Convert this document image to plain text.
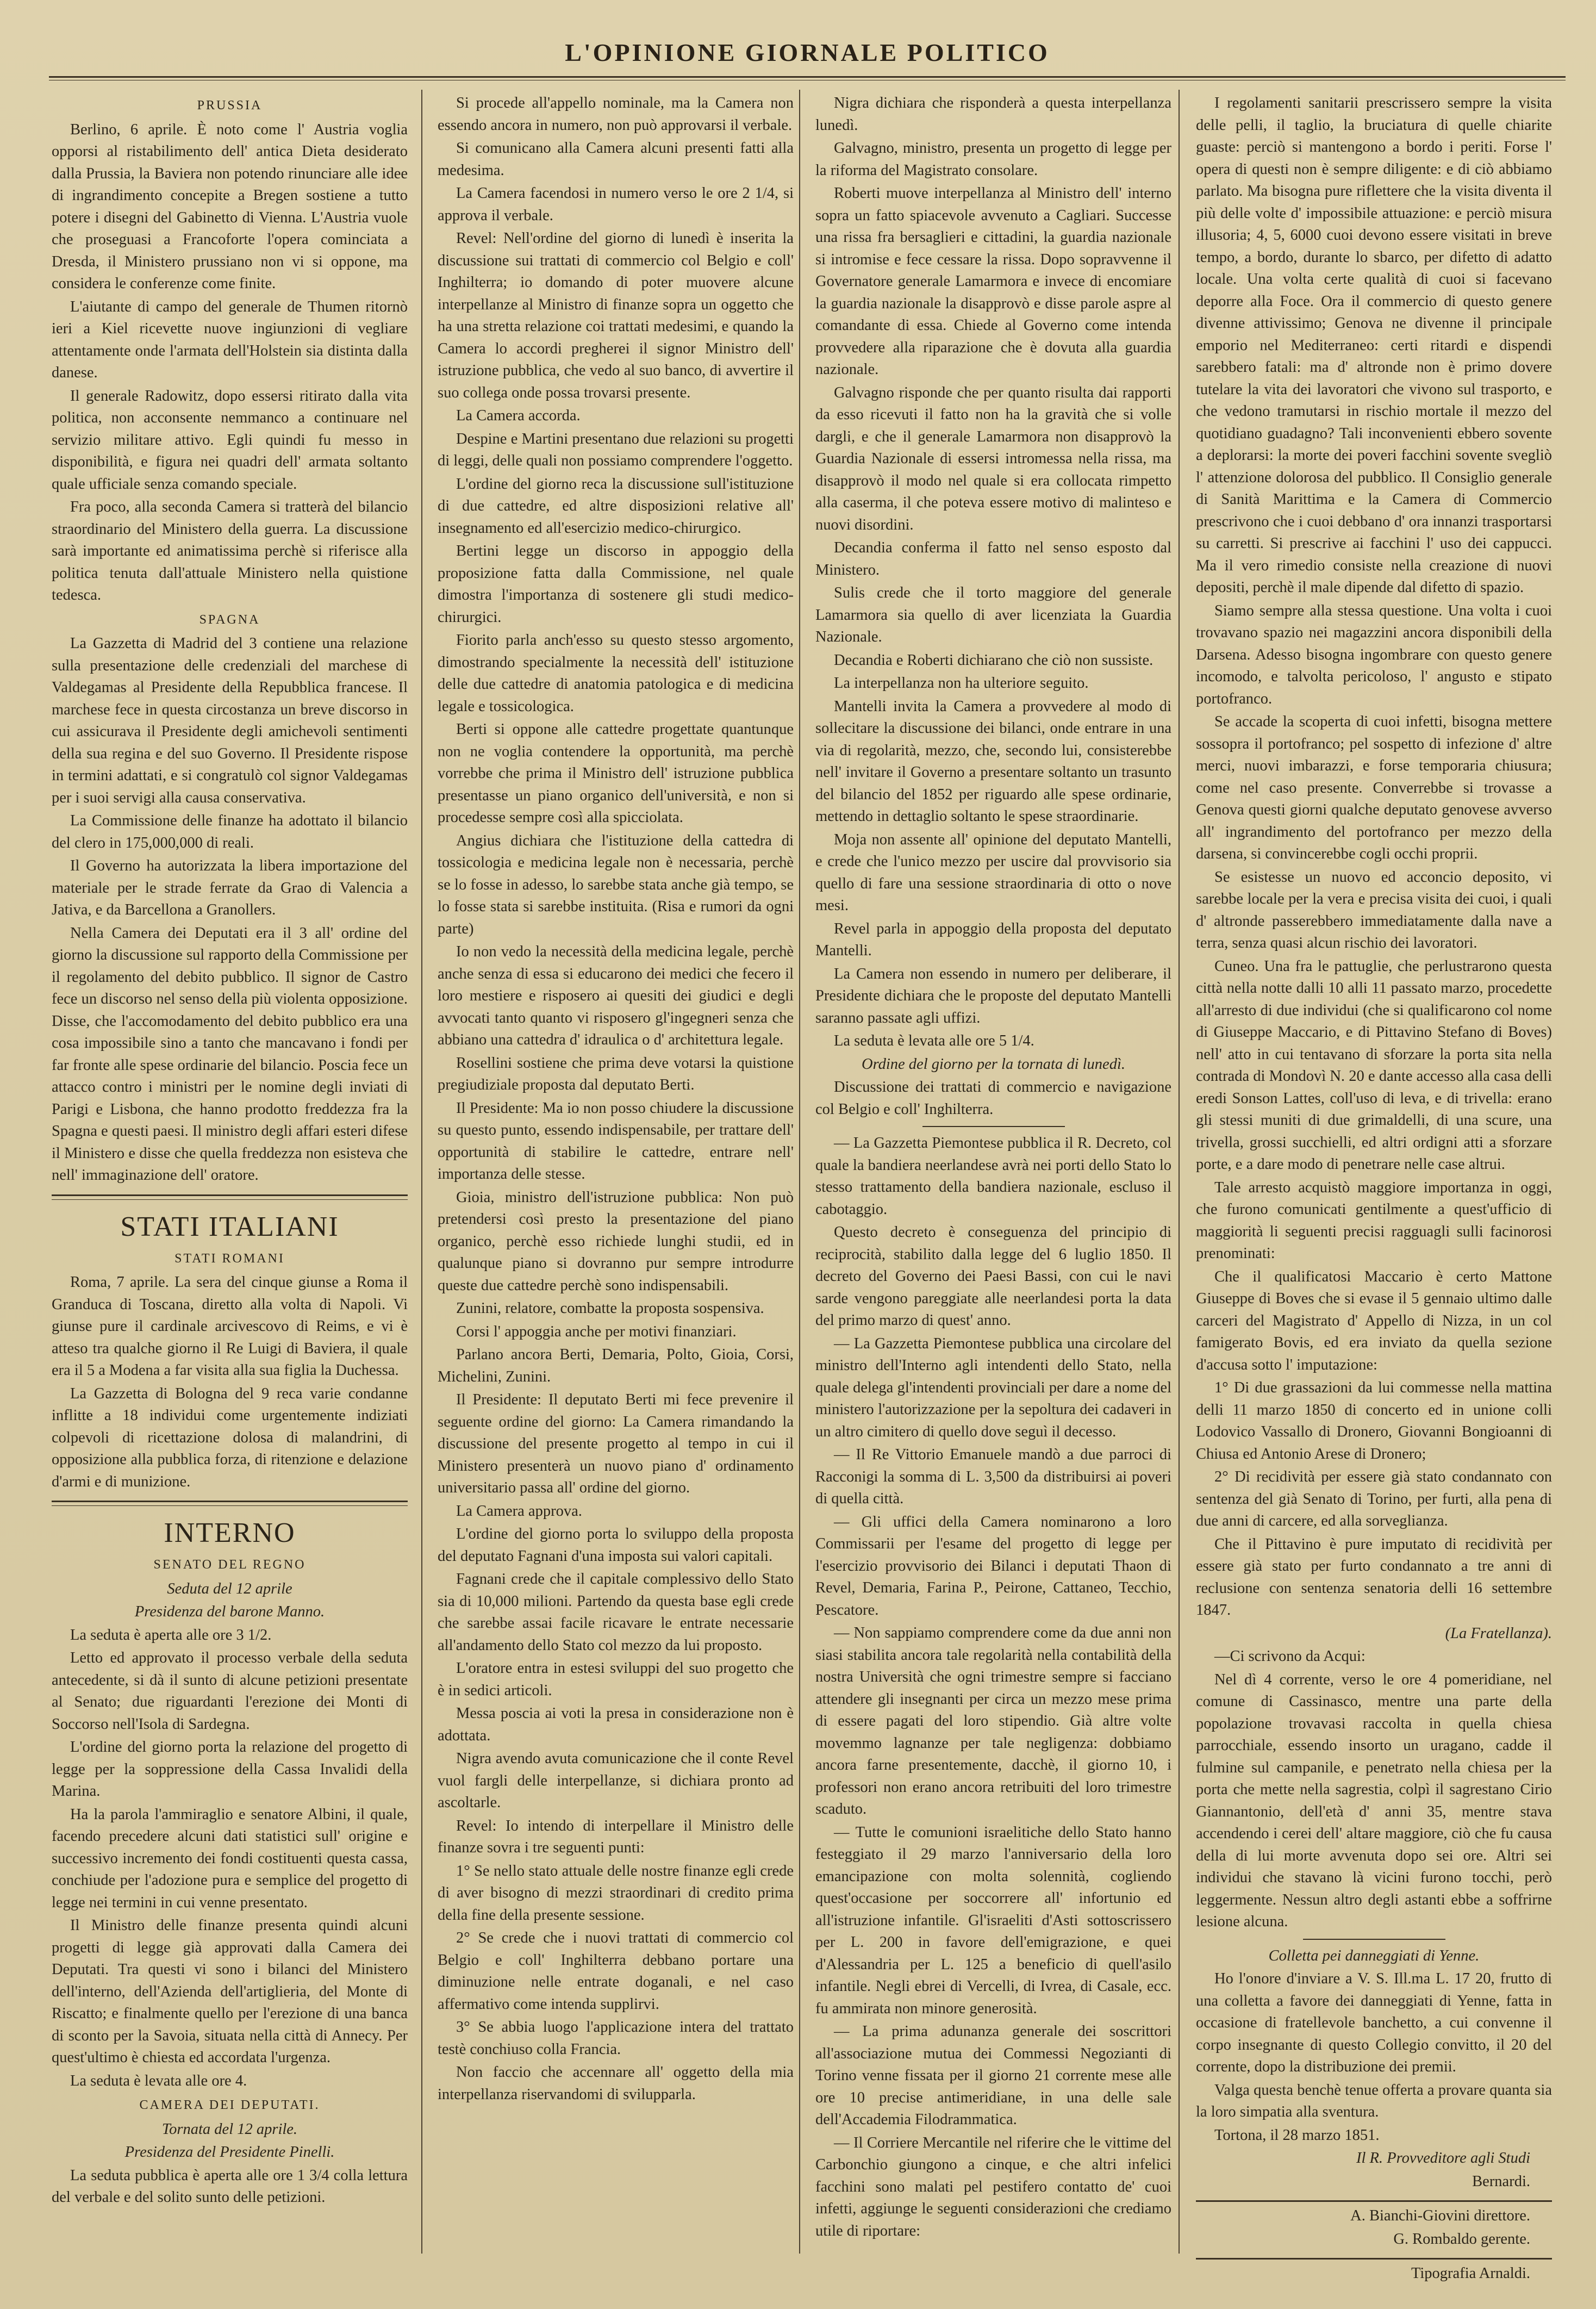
L'OPINIONE GIORNALE POLITICO

PRUSSIA

Berlino, 6 aprile. È noto come l' Austria voglia opporsi al ristabilimento dell' antica Dieta desiderato dalla Prussia, la Baviera non potendo rinunciare alle idee di ingrandimento concepite a Bregen sostiene a tutto potere i disegni del Gabinetto di Vienna. L'Austria vuole che proseguasi a Francoforte l'opera cominciata a Dresda, il Ministero prussiano non vi si oppone, ma considera le conferenze come finite.

L'aiutante di campo del generale de Thumen ritornò ieri a Kiel ricevette nuove ingiunzioni di vegliare attentamente onde l'armata dell'Holstein sia distinta dalla danese.

Il generale Radowitz, dopo essersi ritirato dalla vita politica, non acconsente nemmanco a continuare nel servizio militare attivo. Egli quindi fu messo in disponibilità, e figura nei quadri dell' armata soltanto quale ufficiale senza comando speciale.

Fra poco, alla seconda Camera si tratterà del bilancio straordinario del Ministero della guerra. La discussione sarà importante ed animatissima perchè si riferisce alla politica tenuta dall'attuale Ministero nella quistione tedesca.

SPAGNA

La Gazzetta di Madrid del 3 contiene una relazione sulla presentazione delle credenziali del marchese di Valdegamas al Presidente della Repubblica francese. Il marchese fece in questa circostanza un breve discorso in cui assicurava il Presidente degli amichevoli sentimenti della sua regina e del suo Governo. Il Presidente rispose in termini adattati, e si congratulò col signor Valdegamas per i suoi servigi alla causa conservativa.

La Commissione delle finanze ha adottato il bilancio del clero in 175,000,000 di reali.

Il Governo ha autorizzata la libera importazione del materiale per le strade ferrate da Grao di Valencia a Jativa, e da Barcellona a Granollers.

Nella Camera dei Deputati era il 3 all' ordine del giorno la discussione sul rapporto della Commissione per il regolamento del debito pubblico. Il signor de Castro fece un discorso nel senso della più violenta opposizione. Disse, che l'accomodamento del debito pubblico era una cosa impossibile sino a tanto che mancavano i fondi per far fronte alle spese ordinarie del bilancio. Poscia fece un attacco contro i ministri per le nomine degli inviati di Parigi e Lisbona, che hanno prodotto freddezza fra la Spagna e questi paesi. Il ministro degli affari esteri difese il Ministero e disse che quella freddezza non esisteva che nell' immaginazione dell' oratore.

STATI ITALIANI

STATI ROMANI

Roma, 7 aprile. La sera del cinque giunse a Roma il Granduca di Toscana, diretto alla volta di Napoli. Vi giunse pure il cardinale arcivescovo di Reims, e vi è atteso tra qualche giorno il Re Luigi di Baviera, il quale era il 5 a Modena a far visita alla sua figlia la Duchessa.

La Gazzetta di Bologna del 9 reca varie condanne inflitte a 18 individui come urgentemente indiziati colpevoli di ricettazione dolosa di malandrini, di opposizione alla pubblica forza, di ritenzione e delazione d'armi e di munizione.

INTERNO

SENATO DEL REGNO

Seduta del 12 aprile

Presidenza del barone Manno.

La seduta è aperta alle ore 3 1/2.

Letto ed approvato il processo verbale della seduta antecedente, si dà il sunto di alcune petizioni presentate al Senato; due riguardanti l'erezione dei Monti di Soccorso nell'Isola di Sardegna.

L'ordine del giorno porta la relazione del progetto di legge per la soppressione della Cassa Invalidi della Marina.

Ha la parola l'ammiraglio e senatore Albini, il quale, facendo precedere alcuni dati statistici sull' origine e successivo incremento dei fondi costituenti questa cassa, conchiude per l'adozione pura e semplice del progetto di legge nei termini in cui venne presentato.

Il Ministro delle finanze presenta quindi alcuni progetti di legge già approvati dalla Camera dei Deputati. Tra questi vi sono i bilanci del Ministero dell'interno, dell'Azienda dell'artiglieria, del Monte di Riscatto; e finalmente quello per l'erezione di una banca di sconto per la Savoia, situata nella città di Annecy. Per quest'ultimo è chiesta ed accordata l'urgenza.

La seduta è levata alle ore 4.

CAMERA DEI DEPUTATI.

Tornata del 12 aprile.

Presidenza del Presidente Pinelli.

La seduta pubblica è aperta alle ore 1 3/4 colla lettura del verbale e del solito sunto delle petizioni.

Si procede all'appello nominale, ma la Camera non essendo ancora in numero, non può approvarsi il verbale.

Si comunicano alla Camera alcuni presenti fatti alla medesima.

La Camera facendosi in numero verso le ore 2 1/4, si approva il verbale.

Revel: Nell'ordine del giorno di lunedì è inserita la discussione sui trattati di commercio col Belgio e coll' Inghilterra; io domando di poter muovere alcune interpellanze al Ministro di finanze sopra un oggetto che ha una stretta relazione coi trattati medesimi, e quando la Camera lo accordi pregherei il signor Ministro dell' istruzione pubblica, che vedo al suo banco, di avvertire il suo collega onde possa trovarsi presente.

La Camera accorda.

Despine e Martini presentano due relazioni su progetti di leggi, delle quali non possiamo comprendere l'oggetto.

L'ordine del giorno reca la discussione sull'istituzione di due cattedre, ed altre disposizioni relative all' insegnamento ed all'esercizio medico-chirurgico.

Bertini legge un discorso in appoggio della proposizione fatta dalla Commissione, nel quale dimostra l'importanza di sostenere gli studi medico-chirurgici.

Fiorito parla anch'esso su questo stesso argomento, dimostrando specialmente la necessità dell' istituzione delle due cattedre di anatomia patologica e di medicina legale e tossicologica.

Berti si oppone alle cattedre progettate quantunque non ne voglia contendere la opportunità, ma perchè vorrebbe che prima il Ministro dell' istruzione pubblica presentasse un piano organico dell'università, e non si procedesse sempre così alla spicciolata.

Angius dichiara che l'istituzione della cattedra di tossicologia e medicina legale non è necessaria, perchè se lo fosse in adesso, lo sarebbe stata anche già tempo, se lo fosse stata si sarebbe instituita. (Risa e rumori da ogni parte)

Io non vedo la necessità della medicina legale, perchè anche senza di essa si educarono dei medici che fecero il loro mestiere e risposero ai quesiti dei giudici e degli avvocati tanto quanto vi risposero gl'ingegneri senza che abbiano una cattedra d' idraulica o d' architettura legale.

Rosellini sostiene che prima deve votarsi la quistione pregiudiziale proposta dal deputato Berti.

Il Presidente: Ma io non posso chiudere la discussione su questo punto, essendo indispensabile, per trattare dell' opportunità di stabilire le cattedre, entrare nell' importanza delle stesse.

Gioia, ministro dell'istruzione pubblica: Non può pretendersi così presto la presentazione del piano organico, perchè esso richiede lunghi studii, ed in qualunque piano si dovranno pur sempre introdurre queste due cattedre perchè sono indispensabili.

Zunini, relatore, combatte la proposta sospensiva.

Corsi l' appoggia anche per motivi finanziari.

Parlano ancora Berti, Demaria, Polto, Gioia, Corsi, Michelini, Zunini.

Il Presidente: Il deputato Berti mi fece prevenire il seguente ordine del giorno: La Camera rimandando la discussione del presente progetto al tempo in cui il Ministero presenterà un nuovo piano d' ordinamento universitario passa all' ordine del giorno.

La Camera approva.

L'ordine del giorno porta lo sviluppo della proposta del deputato Fagnani d'una imposta sui valori capitali.

Fagnani crede che il capitale complessivo dello Stato sia di 10,000 milioni. Partendo da questa base egli crede che sarebbe assai facile ricavare le entrate necessarie all'andamento dello Stato col mezzo da lui proposto.

L'oratore entra in estesi sviluppi del suo progetto che è in sedici articoli.

Messa poscia ai voti la presa in considerazione non è adottata.

Nigra avendo avuta comunicazione che il conte Revel vuol fargli delle interpellanze, si dichiara pronto ad ascoltarle.

Revel: Io intendo di interpellare il Ministro delle finanze sovra i tre seguenti punti:

1° Se nello stato attuale delle nostre finanze egli crede di aver bisogno di mezzi straordinari di credito prima della fine della presente sessione.

2° Se crede che i nuovi trattati di commercio col Belgio e coll' Inghilterra debbano portare una diminuzione nelle entrate doganali, e nel caso affermativo come intenda supplirvi.

3° Se abbia luogo l'applicazione intera del trattato testè conchiuso colla Francia.

Non faccio che accennare all' oggetto della mia interpellanza riservandomi di svilupparla.

Nigra dichiara che risponderà a questa interpellanza lunedì.

Galvagno, ministro, presenta un progetto di legge per la riforma del Magistrato consolare.

Roberti muove interpellanza al Ministro dell' interno sopra un fatto spiacevole avvenuto a Cagliari. Successe una rissa fra bersaglieri e cittadini, la guardia nazionale si intromise e fece cessare la rissa. Dopo sopravvenne il Governatore generale Lamarmora e invece di encomiare la guardia nazionale la disapprovò e disse parole aspre al comandante di essa. Chiede al Governo come intenda provvedere alla riparazione che è dovuta alla guardia nazionale.

Galvagno risponde che per quanto risulta dai rapporti da esso ricevuti il fatto non ha la gravità che si volle dargli, e che il generale Lamarmora non disapprovò la Guardia Nazionale di essersi intromessa nella rissa, ma disapprovò il modo nel quale si era collocata rimpetto alla caserma, il che poteva essere motivo di malinteso e nuovi disordini.

Decandia conferma il fatto nel senso esposto dal Ministero.

Sulis crede che il torto maggiore del generale Lamarmora sia quello di aver licenziata la Guardia Nazionale.

Decandia e Roberti dichiarano che ciò non sussiste.

La interpellanza non ha ulteriore seguito.

Mantelli invita la Camera a provvedere al modo di sollecitare la discussione dei bilanci, onde entrare in una via di regolarità, mezzo, che, secondo lui, consisterebbe nell' invitare il Governo a presentare soltanto un trasunto del bilancio del 1852 per riguardo alle spese ordinarie, mettendo in dettaglio soltanto le spese straordinarie.

Moja non assente all' opinione del deputato Mantelli, e crede che l'unico mezzo per uscire dal provvisorio sia quello di fare una sessione straordinaria di otto o nove mesi.

Revel parla in appoggio della proposta del deputato Mantelli.

La Camera non essendo in numero per deliberare, il Presidente dichiara che le proposte del deputato Mantelli saranno passate agli uffizi.

La seduta è levata alle ore 5 1/4.

Ordine del giorno per la tornata di lunedì.

Discussione dei trattati di commercio e navigazione col Belgio e coll' Inghilterra.

— La Gazzetta Piemontese pubblica il R. Decreto, col quale la bandiera neerlandese avrà nei porti dello Stato lo stesso trattamento della bandiera nazionale, escluso il cabotaggio.

Questo decreto è conseguenza del principio di reciprocità, stabilito dalla legge del 6 luglio 1850. Il decreto del Governo dei Paesi Bassi, con cui le navi sarde vengono pareggiate alle neerlandesi porta la data del primo marzo di quest' anno.

— La Gazzetta Piemontese pubblica una circolare del ministro dell'Interno agli intendenti dello Stato, nella quale delega gl'intendenti provinciali per dare a nome del ministero l'autorizzazione per la sepoltura dei cadaveri in un altro cimitero di quello dove seguì il decesso.

— Il Re Vittorio Emanuele mandò a due parroci di Racconigi la somma di L. 3,500 da distribuirsi ai poveri di quella città.

— Gli uffici della Camera nominarono a loro Commissarii per l'esame del progetto di legge per l'esercizio provvisorio dei Bilanci i deputati Thaon di Revel, Demaria, Farina P., Peirone, Cattaneo, Tecchio, Pescatore.

— Non sappiamo comprendere come da due anni non siasi stabilita ancora tale regolarità nella contabilità della nostra Università che ogni trimestre sempre si facciano attendere gli insegnanti per circa un mezzo mese prima di essere pagati del loro stipendio. Già altre volte movemmo lagnanze per tale negligenza: dobbiamo ancora farne presentemente, dacchè, il giorno 10, i professori non erano ancora retribuiti del loro trimestre scaduto.

— Tutte le comunioni israelitiche dello Stato hanno festeggiato il 29 marzo l'anniversario della loro emancipazione con molta solennità, cogliendo quest'occasione per soccorrere all' infortunio ed all'istruzione infantile. Gl'israeliti d'Asti sottoscrissero per L. 200 in favore dell'emigrazione, e quei d'Alessandria per L. 125 a beneficio di quell'asilo infantile. Negli ebrei di Vercelli, di Ivrea, di Casale, ecc. fu ammirata non minore generosità.

— La prima adunanza generale dei soscrittori all'associazione mutua dei Commessi Negozianti di Torino venne fissata per il giorno 21 corrente mese alle ore 10 precise antimeridiane, in una delle sale dell'Accademia Filodrammatica.

— Il Corriere Mercantile nel riferire che le vittime del Carbonchio giungono a cinque, e che altri infelici facchini sono malati pel pestifero contatto de' cuoi infetti, aggiunge le seguenti considerazioni che crediamo utile di riportare:

I regolamenti sanitarii prescrissero sempre la visita delle pelli, il taglio, la bruciatura di quelle chiarite guaste: perciò si mantengono a bordo i periti. Forse l' opera di questi non è sempre diligente: e di ciò abbiamo parlato. Ma bisogna pure riflettere che la visita diventa il più delle volte d' impossibile attuazione: e perciò misura illusoria; 4, 5, 6000 cuoi devono essere visitati in breve tempo, a bordo, durante lo sbarco, per difetto di adatto locale. Una volta certe qualità di cuoi si facevano deporre alla Foce. Ora il commercio di questo genere divenne attivissimo; Genova ne divenne il principale emporio nel Mediterraneo: certi ritardi e dispendi sarebbero fatali: ma d' altronde non è primo dovere tutelare la vita dei lavoratori che vivono sul trasporto, e che vedono tramutarsi in rischio mortale il mezzo del quotidiano guadagno? Tali inconvenienti ebbero sovente a deplorarsi: la morte dei poveri facchini sovente svegliò l' attenzione dolorosa del pubblico. Il Consiglio generale di Sanità Marittima e la Camera di Commercio prescrivono che i cuoi debbano d' ora innanzi trasportarsi su carretti. Si prescrive ai facchini l' uso dei cappucci. Ma il vero rimedio consiste nella creazione di nuovi depositi, perchè il male dipende dal difetto di spazio.

Siamo sempre alla stessa questione. Una volta i cuoi trovavano spazio nei magazzini ancora disponibili della Darsena. Adesso bisogna ingombrare con questo genere incomodo, e talvolta pericoloso, l' angusto e stipato portofranco.

Se accade la scoperta di cuoi infetti, bisogna mettere sossopra il portofranco; pel sospetto di infezione d' altre merci, nuovi imbarazzi, e forse temporaria chiusura; come nel caso presente. Converrebbe si trovasse a Genova questi giorni qualche deputato genovese avverso all' ingrandimento del portofranco per mezzo della darsena, si convincerebbe cogli occhi proprii.

Se esistesse un nuovo ed acconcio deposito, vi sarebbe locale per la vera e precisa visita dei cuoi, i quali d' altronde passerebbero immediatamente dalla nave a terra, senza quasi alcun rischio dei lavoratori.

Cuneo. Una fra le pattuglie, che perlustrarono questa città nella notte dalli 10 alli 11 passato marzo, procedette all'arresto di due individui (che si qualificarono col nome di Giuseppe Maccario, e di Pittavino Stefano di Boves) nell' atto in cui tentavano di sforzare la porta sita nella contrada di Mondovì N. 20 e dante accesso alla casa delli eredi Sonson Lattes, coll'uso di leva, e di trivella: erano gli stessi muniti di due grimaldelli, di una scure, una trivella, grossi succhielli, ed altri ordigni atti a sforzare porte, e a dare modo di penetrare nelle case altrui.

Tale arresto acquistò maggiore importanza in oggi, che furono comunicati gentilmente a quest'ufficio di maggiorità li seguenti precisi ragguagli sulli facinorosi prenominati:

Che il qualificatosi Maccario è certo Mattone Giuseppe di Boves che si evase il 5 gennaio ultimo dalle carceri del Magistrato d' Appello di Nizza, in un col famigerato Bovis, ed era inviato da quella sezione d'accusa sotto l' imputazione:

1° Di due grassazioni da lui commesse nella mattina delli 11 marzo 1850 di concerto ed in unione colli Lodovico Vassallo di Dronero, Giovanni Bongioanni di Chiusa ed Antonio Arese di Dronero;

2° Di recidività per essere già stato condannato con sentenza del già Senato di Torino, per furti, alla pena di due anni di carcere, ed alla sorveglianza.

Che il Pittavino è pure imputato di recidività per essere già stato per furto condannato a tre anni di reclusione con sentenza senatoria delli 16 settembre 1847.

(La Fratellanza).

—Ci scrivono da Acqui:

Nel dì 4 corrente, verso le ore 4 pomeridiane, nel comune di Cassinasco, mentre una parte della popolazione trovavasi raccolta in quella chiesa parrocchiale, essendo insorto un uragano, cadde il fulmine sul campanile, e penetrato nella chiesa per la porta che mette nella sagrestia, colpì il sagrestano Cirio Giannantonio, dell'età d' anni 35, mentre stava accendendo i cerei dell' altare maggiore, ciò che fu causa della di lui morte avvenuta dopo sei ore. Altri sei individui che stavano là vicini furono tocchi, però leggermente. Nessun altro degli astanti ebbe a soffrirne lesione alcuna.

Colletta pei danneggiati di Yenne.

Ho l'onore d'inviare a V. S. Ill.ma L. 17 20, frutto di una colletta a favore dei danneggiati di Yenne, fatta in occasione di fratellevole banchetto, a cui convenne il corpo insegnante di questo Collegio convitto, il 20 del corrente, dopo la distribuzione dei premii.

Valga questa benchè tenue offerta a provare quanta sia la loro simpatia alla sventura.

Tortona, il 28 marzo 1851.

Il R. Provveditore agli Studi

Bernardi.

A. Bianchi-Giovini direttore.

G. Rombaldo gerente.

Tipografia Arnaldi.
